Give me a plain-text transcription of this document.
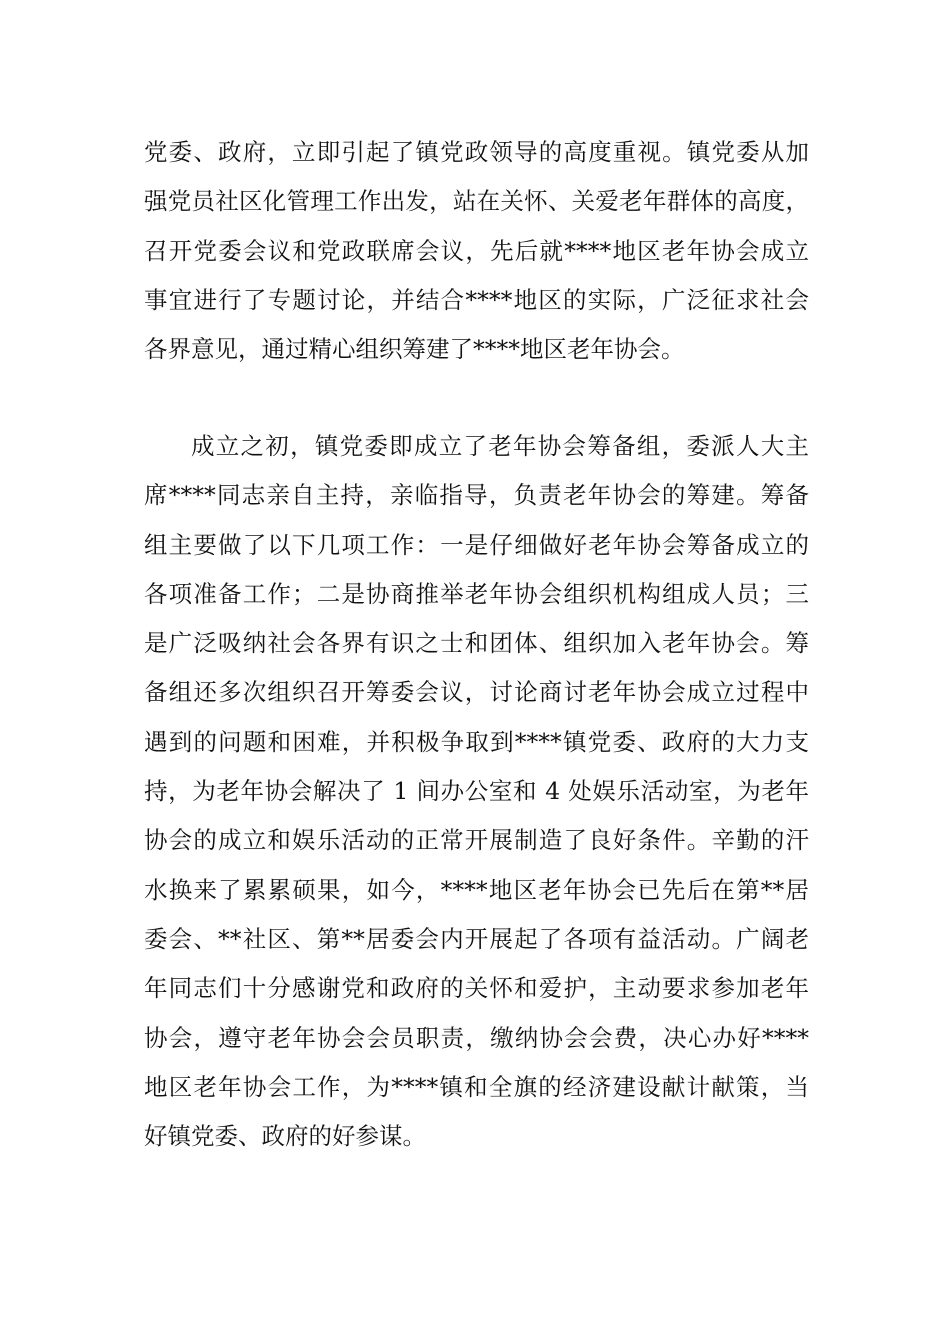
党委、政府，立即引起了镇党政领导的高度重视。镇党委从加
强党员社区化管理工作出发，站在关怀、关爱老年群体的高度，
召开党委会议和党政联席会议，先后就****地区老年协会成立
事宜进行了专题讨论，并结合****地区的实际，广泛征求社会
各界意见，通过精心组织筹建了****地区老年协会。
成立之初，镇党委即成立了老年协会筹备组，委派人大主
席****同志亲自主持，亲临指导，负责老年协会的筹建。筹备
组主要做了以下几项工作：一是仔细做好老年协会筹备成立的
各项准备工作；二是协商推举老年协会组织机构组成人员；三
是广泛吸纳社会各界有识之士和团体、组织加入老年协会。筹
备组还多次组织召开筹委会议，讨论商讨老年协会成立过程中
遇到的问题和困难，并积极争取到****镇党委、政府的大力支
持，为老年协会解决了 1 间办公室和 4 处娱乐活动室，为老年
协会的成立和娱乐活动的正常开展制造了良好条件。辛勤的汗
水换来了累累硕果，如今，****地区老年协会已先后在第**居
委会、**社区、第**居委会内开展起了各项有益活动。广阔老
年同志们十分感谢党和政府的关怀和爱护，主动要求参加老年
协会，遵守老年协会会员职责，缴纳协会会费，决心办好****
地区老年协会工作，为****镇和全旗的经济建设献计献策，当
好镇党委、政府的好参谋。
